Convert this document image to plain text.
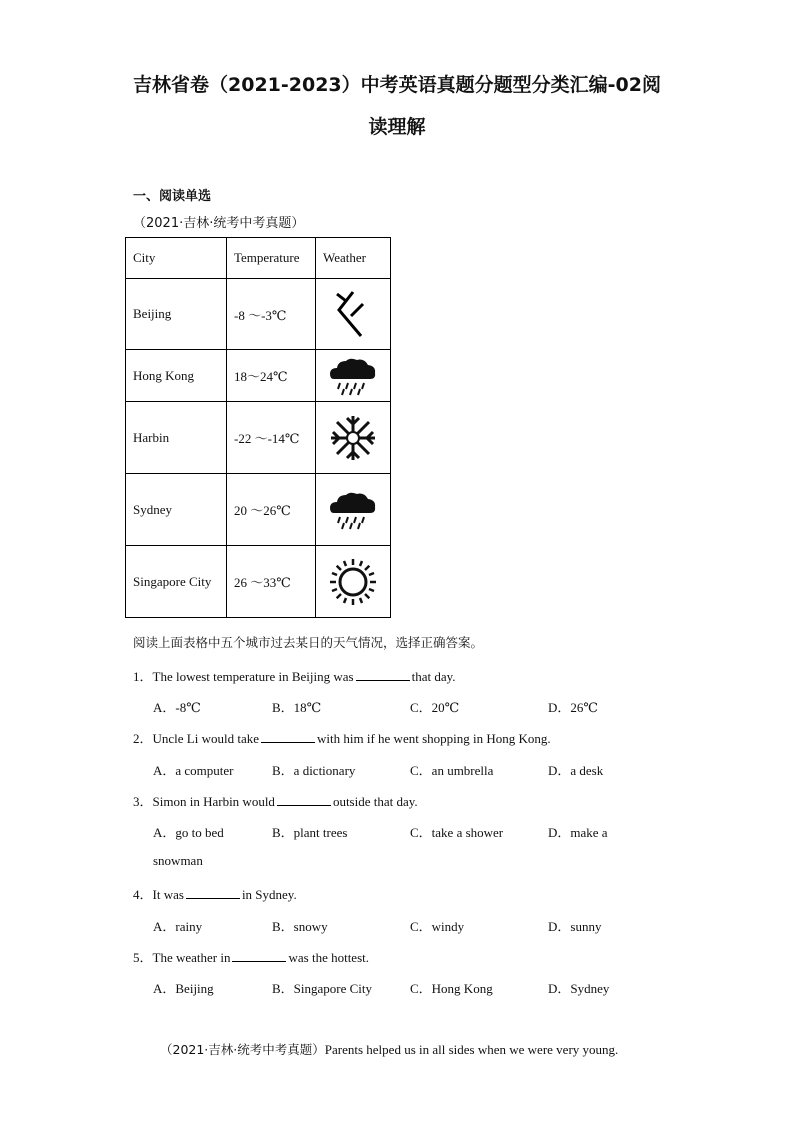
吉林省卷（2021-2023）中考英语真题分题型分类汇编-02阅
读理解
一、阅读单选
（2021·吉林·统考中考真题）
City	Temperature	Weather
Beijing	-8 ～-3℃	

Hong Kong	18～24℃	

Harbin	-22 ～-14℃	

Sydney	20 ～26℃	

Singapore City	26 ～33℃	
阅读上面表格中五个城市过去某日的天气情况，选择正确答案。
1．The lowest temperature in Beijing was	that day.
A．-8℃	B．18℃	C．20℃	D．26℃
2．Uncle Li would take	with him if he went shopping in Hong Kong.
A．a computer	B．a dictionary	C．an umbrella	D．a desk
3．Simon in Harbin would	outside that day.
A．go to bed	B．plant trees	C．take a shower	D．make a
snowman
4．It was	in Sydney.
A．rainy	B．snowy	C．windy	D．sunny
5．The weather in	was the hottest.
A．Beijing	B．Singapore City	C．Hong Kong	D．Sydney
（2021·吉林·统考中考真题）Parents helped us in all sides when we were very young.
